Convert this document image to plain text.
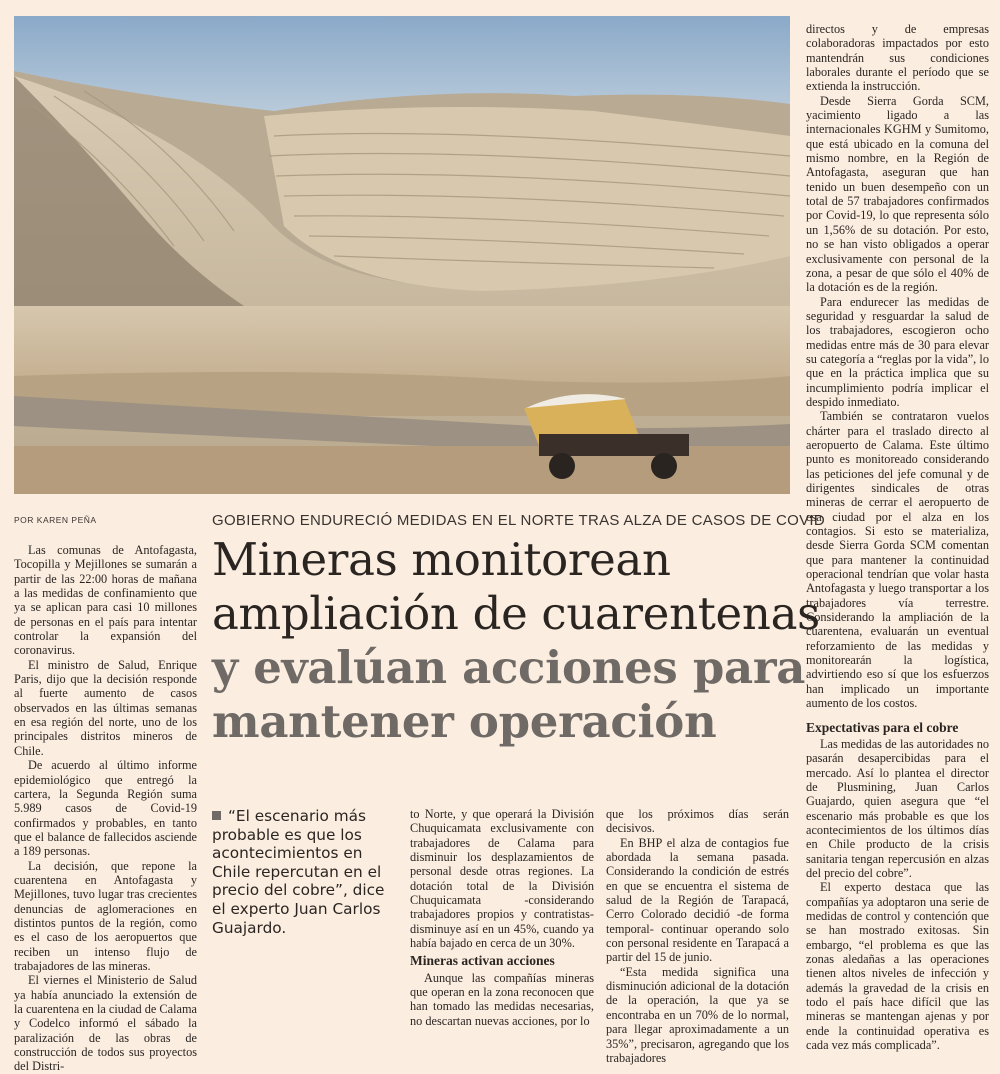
POR KAREN PEÑA	GOBIERNO ENDURECIÓ MEDIDAS EN EL NORTE TRAS ALZA DE CASOS DE COVID
Mineras monitorean
ampliación de cuarentenas
y evalúan acciones para
mantener operación

Las comunas de Antofagasta, Tocopilla y Mejillones se sumarán a partir de las 22:00 horas de mañana a las medidas de confinamiento que ya se aplican para casi 10 millones de personas en el país para intentar controlar la expansión del coronavirus.

El ministro de Salud, Enrique Paris, dijo que la decisión responde al fuerte aumento de casos observados en las últimas semanas en esa región del norte, uno de los principales distritos mineros de Chile.

De acuerdo al último informe epidemiológico que entregó la cartera, la Segunda Región suma 5.989 casos de Covid-19 confirmados y probables, en tanto que el balance de fallecidos asciende a 189 personas.

La decisión, que repone la cuarentena en Antofagasta y Mejillones, tuvo lugar tras crecientes denuncias de aglomeraciones en distintos puntos de la región, como es el caso de los aeropuertos que reciben un intenso flujo de trabajadores de las mineras.

El viernes el Ministerio de Salud ya había anunciado la extensión de la cuarentena en la ciudad de Calama y Codelco informó el sábado la paralización de las obras de construcción de todos sus proyectos del Distri-

“El escenario más probable es que los acontecimientos en Chile repercutan en el precio del cobre”, dice el experto Juan Carlos Guajardo.

to Norte, y que operará la División Chuquicamata exclusivamente con trabajadores de Calama para disminuir los desplazamientos de personal desde otras regiones. La dotación total de la División Chuquicamata -considerando trabajadores propios y contratistas- disminuye así en un 45%, cuando ya había bajado en cerca de un 30%.

Mineras activan acciones

Aunque las compañías mineras que operan en la zona reconocen que han tomado las medidas necesarias, no descartan nuevas acciones, por lo

que los próximos días serán decisivos.

En BHP el alza de contagios fue abordada la semana pasada. Considerando la condición de estrés en que se encuentra el sistema de salud de la Región de Tarapacá, Cerro Colorado decidió -de forma temporal- continuar operando solo con personal residente en Tarapacá a partir del 15 de junio.

“Esta medida significa una disminución adicional de la dotación de la operación, la que ya se encontraba en un 70% de lo normal, para llegar aproximadamente a un 35%”, precisaron, agregando que los trabajadores

directos y de empresas colaboradoras impactados por esto mantendrán sus condiciones laborales durante el período que se extienda la instrucción.

Desde Sierra Gorda SCM, yacimiento ligado a las internacionales KGHM y Sumitomo, que está ubicado en la comuna del mismo nombre, en la Región de Antofagasta, aseguran que han tenido un buen desempeño con un total de 57 trabajadores confirmados por Covid-19, lo que representa sólo un 1,56% de su dotación. Por esto, no se han visto obligados a operar exclusivamente con personal de la zona, a pesar de que sólo el 40% de la dotación es de la región.

Para endurecer las medidas de seguridad y resguardar la salud de los trabajadores, escogieron ocho medidas entre más de 30 para elevar su categoría a “reglas por la vida”, lo que en la práctica implica que su incumplimiento podría implicar el despido inmediato.

También se contrataron vuelos chárter para el traslado directo al aeropuerto de Calama. Este último punto es monitoreado considerando las peticiones del jefe comunal y de dirigentes sindicales de otras mineras de cerrar el aeropuerto de esa ciudad por el alza en los contagios. Si esto se materializa, desde Sierra Gorda SCM comentan que para mantener la continuidad operacional tendrían que volar hasta Antofagasta y luego transportar a los trabajadores vía terrestre. Considerando la ampliación de la cuarentena, evaluarán un eventual reforzamiento de las medidas y monitorearán la logística, advirtiendo eso sí que los esfuerzos han implicado un importante aumento de los costos.

Expectativas para el cobre

Las medidas de las autoridades no pasarán desapercibidas para el mercado. Así lo plantea el director de Plusmining, Juan Carlos Guajardo, quien asegura que “el escenario más probable es que los acontecimientos de los últimos días en Chile producto de la crisis sanitaria tengan repercusión en alzas del precio del cobre”.

El experto destaca que las compañías ya adoptaron una serie de medidas de control y contención que se han mostrado exitosas. Sin embargo, “el problema es que las zonas aledañas a las operaciones tienen altos niveles de infección y además la gravedad de la crisis en todo el país hace difícil que las mineras se mantengan ajenas y por ende la continuidad operativa es cada vez más complicada”.
